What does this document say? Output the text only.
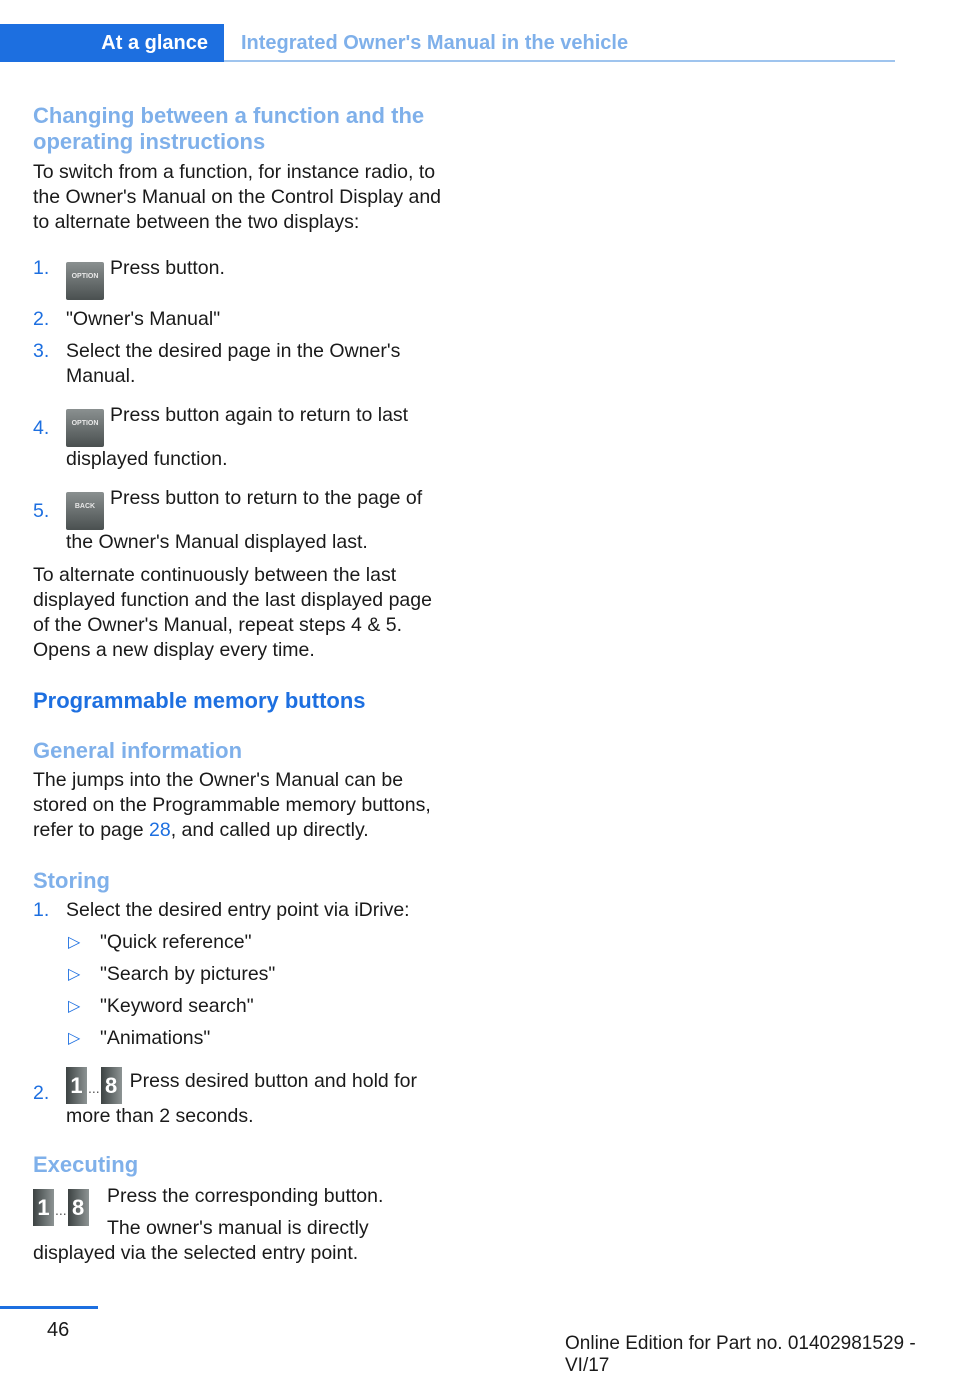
At a glance	Integrated Owner's Manual in the vehicle
Changing between a function and the operating instructions

To switch from a function, for instance radio, to the Owner's Manual on the Control Display and to alternate between the two displays:

1.	OPTION Press button.
2. "Owner's Manual"
3. Select the desired page in the Owner's Manual.
4.	OPTION Press button again to return to last displayed function.
5.	BACK Press button to return to the page of the Owner's Manual displayed last.

To alternate continuously between the last displayed function and the last displayed page of the Owner's Manual, repeat steps 4 & 5. Opens a new display every time.

Programmable memory buttons
General information

The jumps into the Owner's Manual can be stored on the Programmable memory buttons, refer to page 28, and called up directly.

Storing
1. Select the desired entry point via iDrive:
▷ "Quick reference"
▷ "Search by pictures"
▷ "Keyword search"
▷ "Animations"
2. 1 ... 8 Press desired button and hold for more than 2 seconds.
Executing
1 ... 8	Press the corresponding button.

The owner's manual is directly displayed via the selected entry point.

46
Online Edition for Part no. 01402981529 - VI/17
